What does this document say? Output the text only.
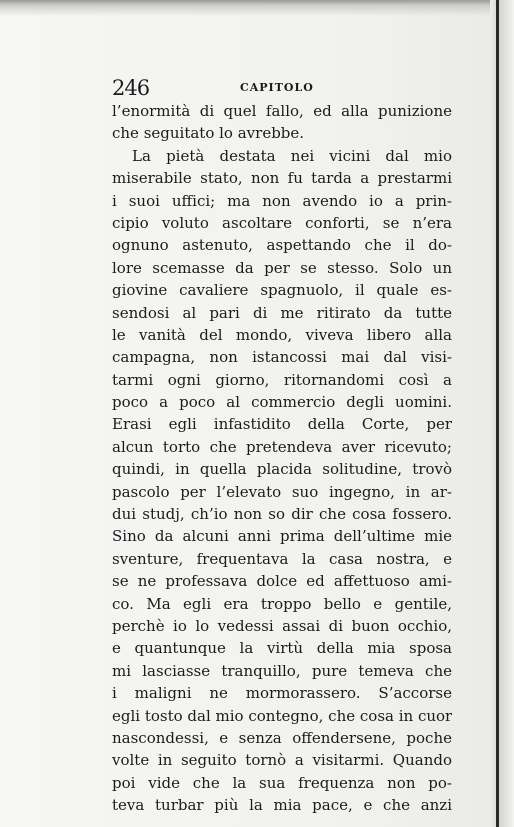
246	CAPITOLO
l’enormità di quel fallo, ed alla punizione
che seguitato lo avrebbe.
La pietà destata nei vicini dal mio
miserabile stato, non fu tarda a prestarmi
i suoi uffici; ma non avendo io a prin-
cipio voluto ascoltare conforti, se n’era
ognuno astenuto, aspettando che il do-
lore scemasse da per se stesso. Solo un
giovine cavaliere spagnuolo, il quale es-
sendosi al pari di me ritirato da tutte
le vanità del mondo, viveva libero alla
campagna, non istancossi mai dal visi-
tarmi ogni giorno, ritornandomi così a
poco a poco al commercio degli uomini.
Erasi egli infastidito della Corte, per
alcun torto che pretendeva aver ricevuto;
quindi, in quella placida solitudine, trovò
pascolo per l’elevato suo ingegno, in ar-
dui studj, ch’io non so dir che cosa fossero.
Sino da alcuni anni prima dell’ultime mie
sventure, frequentava la casa nostra, e
se ne professava dolce ed affettuoso ami-
co. Ma egli era troppo bello e gentile,
perchè io lo vedessi assai di buon occhio,
e quantunque la virtù della mia sposa
mi lasciasse tranquillo, pure temeva che
i maligni ne mormorassero. S’accorse
egli tosto dal mio contegno, che cosa in cuor
nascondessi, e senza offendersene, poche
volte in seguito tornò a visitarmi. Quando
poi vide che la sua frequenza non po-
teva turbar più la mia pace, e che anzi
